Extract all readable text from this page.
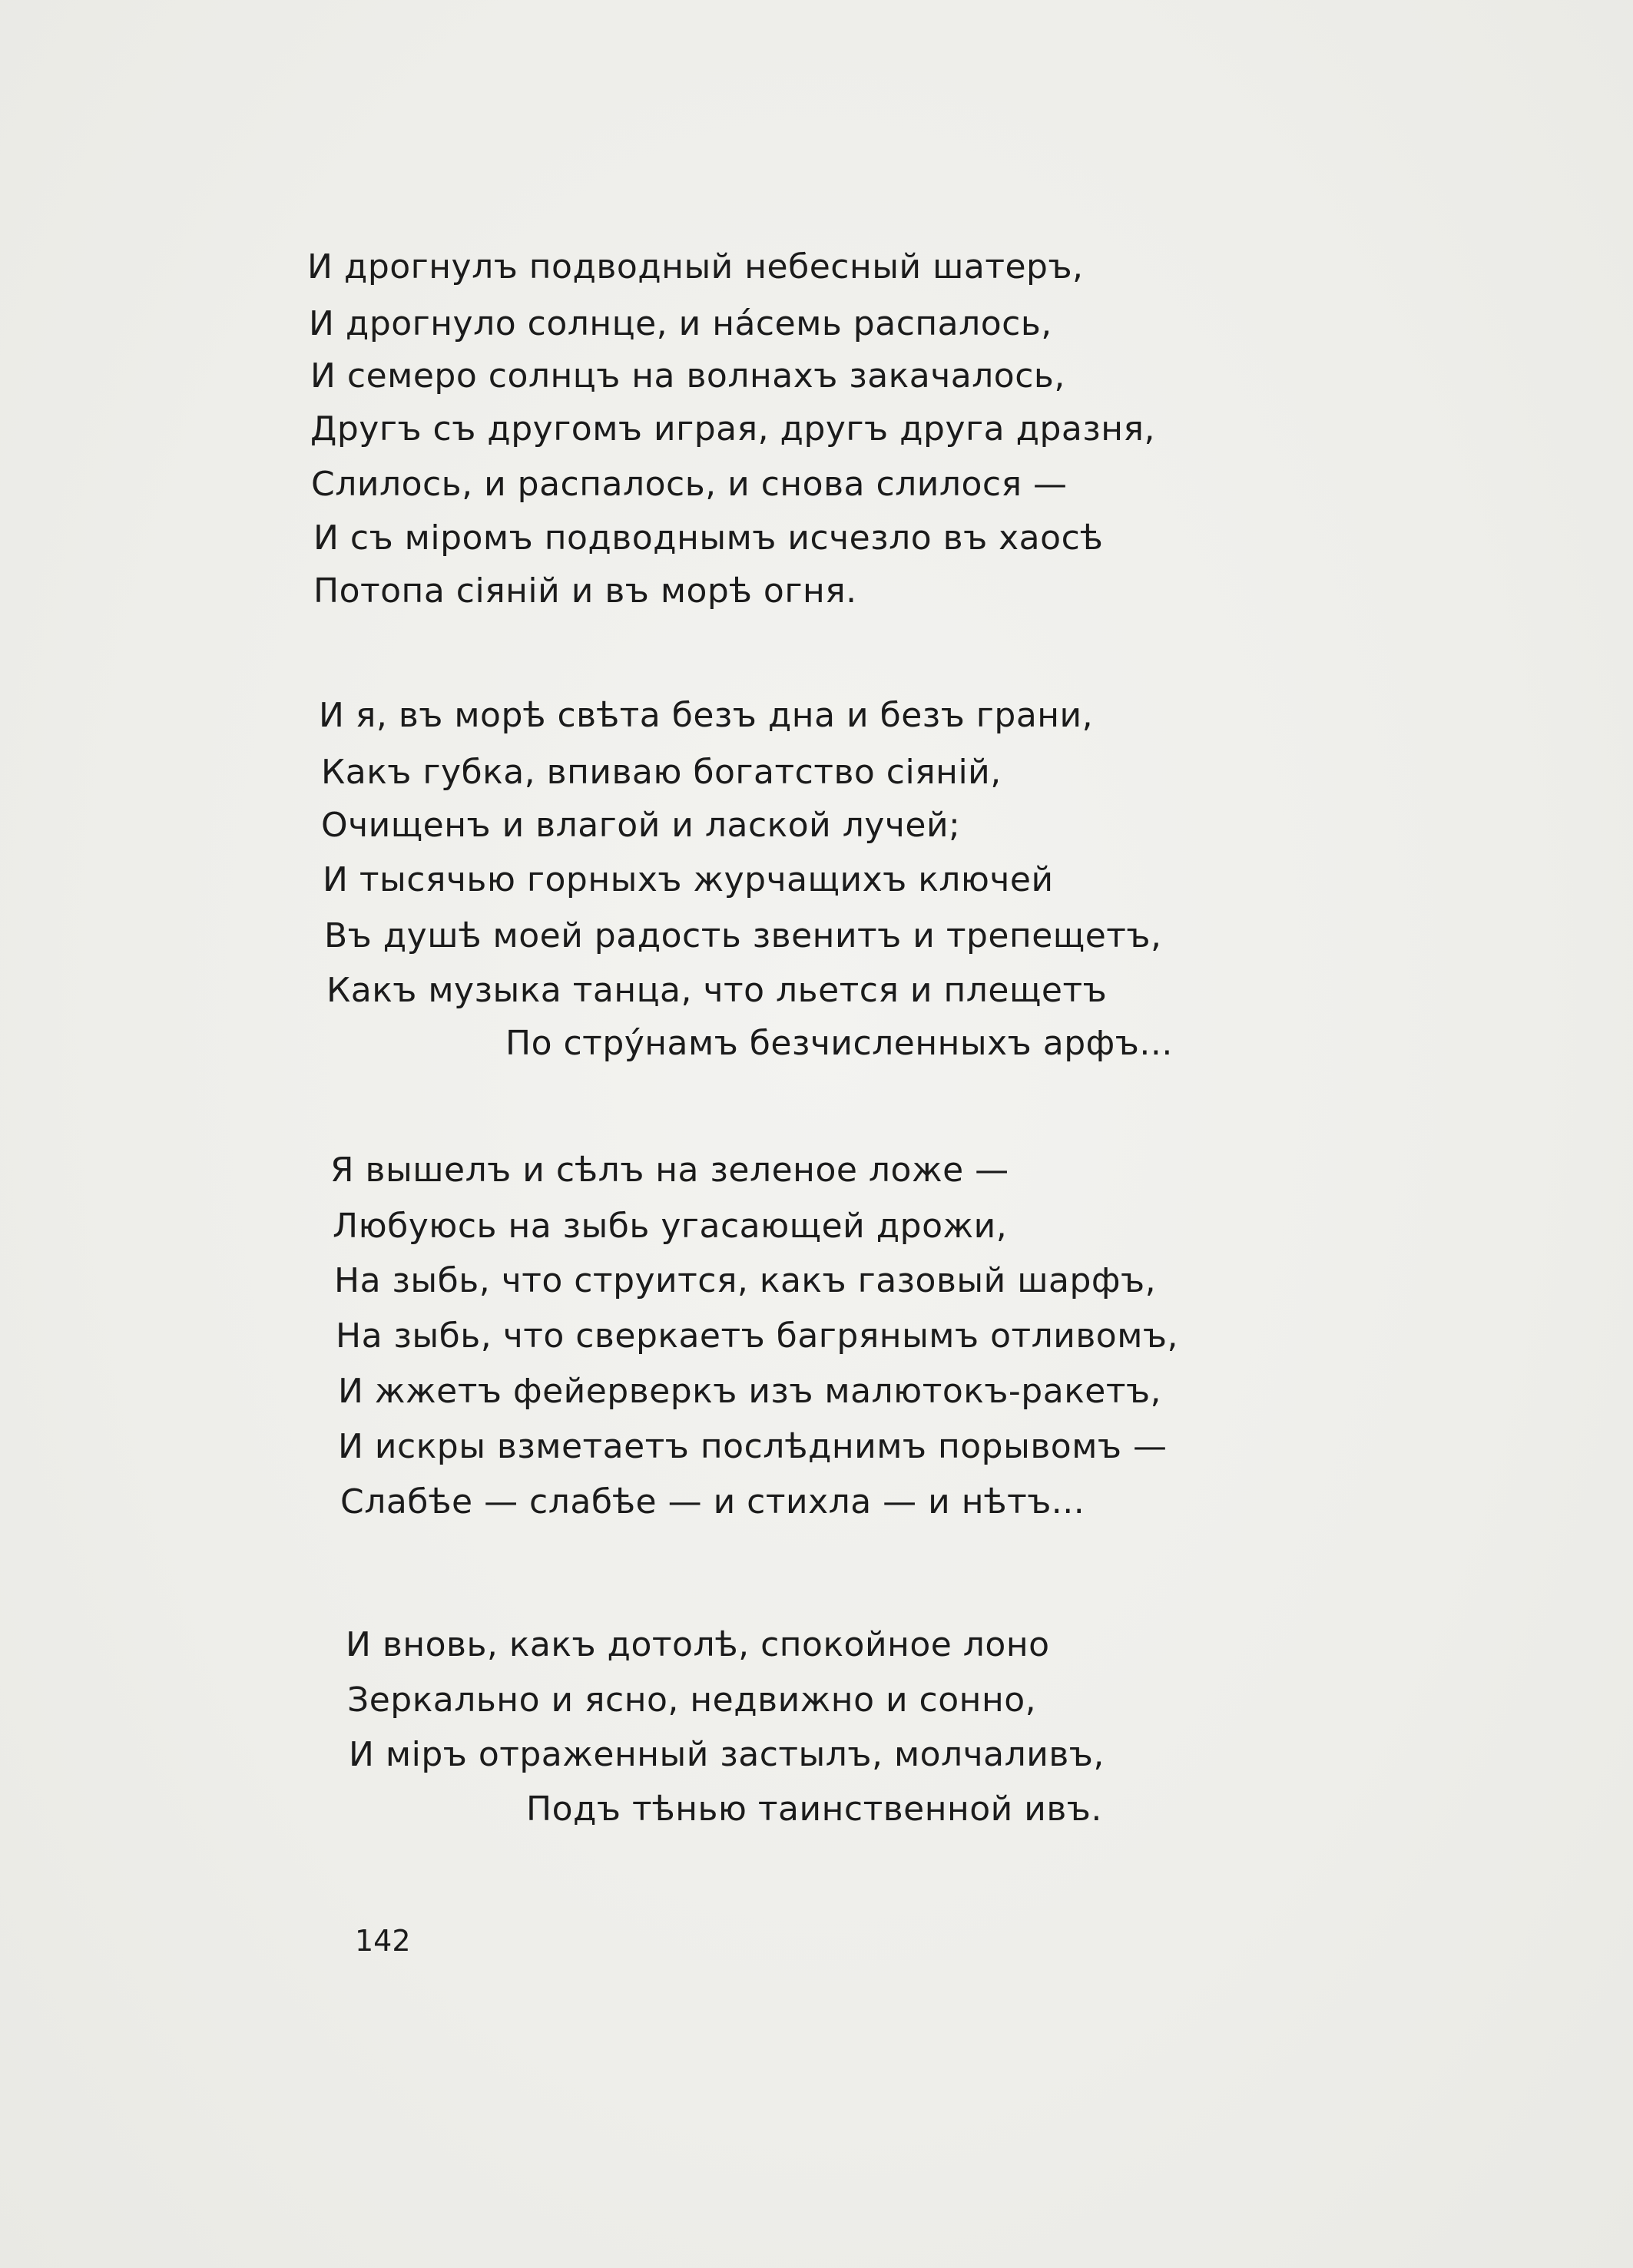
И дрогнулъ подводный небесный шатеръ,
И дрогнуло солнце, и на́семь распалось,
И семеро солнцъ на волнахъ закачалось,
Другъ съ другомъ играя, другъ друга дразня,
Слилось, и распалось, и снова слилося —
И съ міромъ подводнымъ исчезло въ хаосѣ
Потопа сіяній и въ морѣ огня.
И я, въ морѣ свѣта безъ дна и безъ грани,
Какъ губка, впиваю богатство сіяній,
Очищенъ и влагой и лаской лучей;
И тысячью горныхъ журчащихъ ключей
Въ душѣ моей радость звенитъ и трепещетъ,
Какъ музыка танца, что льется и плещетъ
По стру́намъ безчисленныхъ арфъ...
Я вышелъ и сѣлъ на зеленое ложе —
Любуюсь на зыбь угасающей дрожи,
На зыбь, что струится, какъ газовый шарфъ,
На зыбь, что сверкаетъ багрянымъ отливомъ,
И жжетъ фейерверкъ изъ малютокъ-ракетъ,
И искры взметаетъ послѣднимъ порывомъ —
Слабѣе — слабѣе — и стихла — и нѣтъ...
И вновь, какъ дотолѣ, спокойное лоно
Зеркально и ясно, недвижно и сонно,
И міръ отраженный застылъ, молчаливъ,
Подъ тѣнью таинственной ивъ.
142
